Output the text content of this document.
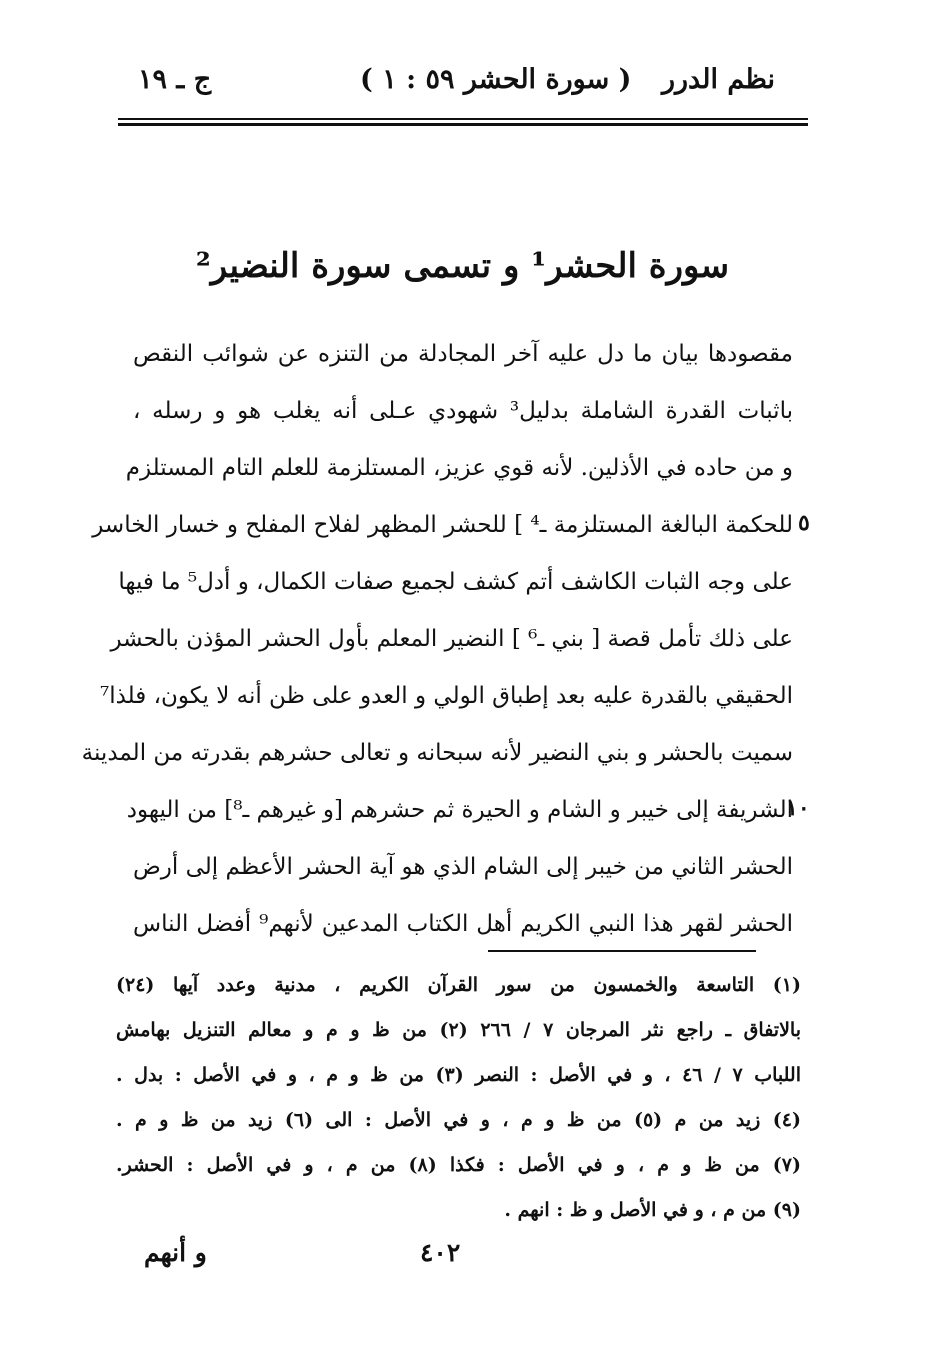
نظم الدرر
( سورة الحشر ٥٩ : ١ )
ج ـ ١٩
سورة الحشر¹ و تسمى سورة النضير²
مقصودها بيان ما دل عليه آخر المجادلة من التنزه عن شوائب النقص
باثبات القدرة الشاملة بدليل³ شهودي عـلى أنه يغلب هو و رسله ،
و من حاده في الأذلين. لأنه قوي عزيز، المستلزمة للعلم التام المستلزم
للحكمة البالغة المستلزمة ـ⁴ ] للحشر المظهر لفلاح المفلح و خسار الخاسر
على وجه الثبات الكاشف أتم كشف لجميع صفات الكمال، و أدل⁵ ما فيها
على ذلك تأمل قصة [ بني ـ⁶ ] النضير المعلم بأول الحشر المؤذن بالحشر
الحقيقي بالقدرة عليه بعد إطباق الولي و العدو على ظن أنه لا يكون، فلذا⁷
سميت بالحشر و بني النضير لأنه سبحانه و تعالى حشرهم بقدرته من المدينة
الشريفة إلى خيبر و الشام و الحيرة ثم حشرهم [و غيرهم ـ⁸] من اليهود
الحشر الثاني من خيبر إلى الشام الذي هو آية الحشر الأعظم إلى أرض
الحشر لقهر هذا النبي الكريم أهل الكتاب المدعين لأنهم⁹ أفضل الناس
٥
١٠
(١) التاسعة والخمسون من سور القرآن الكريم ، مدنية وعدد آيها (٢٤)
بالاتفاق ـ راجع نثر المرجان ٧ / ٢٦٦ (٢) من ظ و م و معالم التنزيل بهامش
اللباب ٧ / ٤٦ ، و في الأصل : النصر (٣) من ظ و م ، و في الأصل : بدل .
(٤) زيد من م (٥) من ظ و م ، و في الأصل : الى (٦) زيد من ظ و م .
(٧) من ظ و م ، و في الأصل : فكذا (٨) من م ، و في الأصل : الحشر.
(٩) من م ، و في الأصل و ظ : انهم .
٤٠٢
و أنهم
